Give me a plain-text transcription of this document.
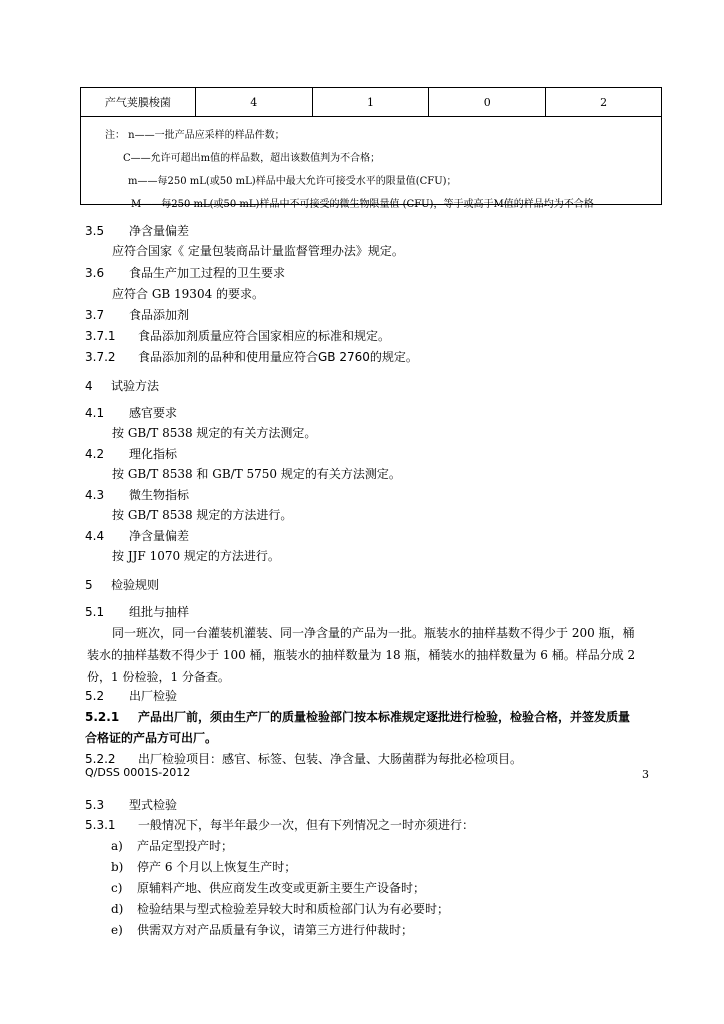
产气荚膜梭菌	4	1	0	2

注： n——一批产品应采样的样品件数；
C——允许可超出m值的样品数，超出该数值判为不合格；
m——每250 mL(或50 mL)样品中最大允许可接受水平的限量值(CFU)；
M——每250 mL(或50 mL)样品中不可接受的微生物限量值 (CFU)，等于或高于M值的样品均为不合格
3.5 净含量偏差
应符合国家《 定量包装商品计量监督管理办法》规定。
3.6 食品生产加工过程的卫生要求
应符合 GB 19304 的要求。
3.7 食品添加剂
3.7.1 食品添加剂质量应符合国家相应的标准和规定。
3.7.2 食品添加剂的品种和使用量应符合GB 2760的规定。
4 试验方法
4.1 感官要求
按 GB/T 8538 规定的有关方法测定。
4.2 理化指标
按 GB/T 8538 和 GB/T 5750 规定的有关方法测定。
4.3 微生物指标
按 GB/T 8538 规定的方法进行。
4.4 净含量偏差
按 JJF 1070 规定的方法进行。
5 检验规则
5.1 组批与抽样
同一班次，同一台灌装机灌装、同一净含量的产品为一批。瓶装水的抽样基数不得少于 200 瓶，桶
装水的抽样基数不得少于 100 桶，瓶装水的抽样数量为 18 瓶，桶装水的抽样数量为 6 桶。样品分成 2
份，1 份检验，1 分备查。
5.2 出厂检验
5.2.1 产品出厂前，须由生产厂的质量检验部门按本标准规定逐批进行检验，检验合格，并签发质量
合格证的产品方可出厂。
5.2.2 出厂检验项目：感官、标签、包装、净含量、大肠菌群为每批必检项目。
Q/DSS 0001S-2012	3
5.3 型式检验
5.3.1 一般情况下，每半年最少一次，但有下列情况之一时亦须进行：
a) 产品定型投产时；
b) 停产 6 个月以上恢复生产时；
c) 原辅料产地、供应商发生改变或更新主要生产设备时；
d) 检验结果与型式检验差异较大时和质检部门认为有必要时；
e) 供需双方对产品质量有争议，请第三方进行仲裁时；
